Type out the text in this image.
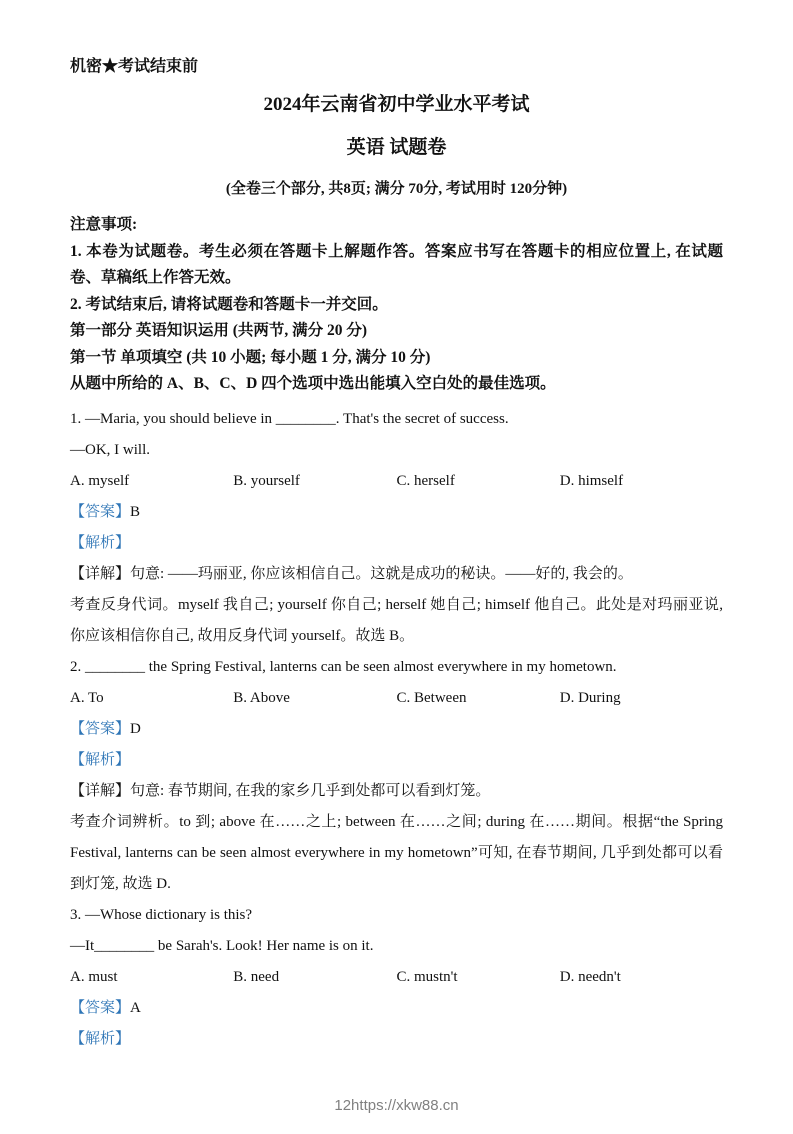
机密★考试结束前
2024年云南省初中学业水平考试
英语 试题卷
(全卷三个部分, 共8页; 满分 70分, 考试用时 120分钟)
注意事项:
1. 本卷为试题卷。考生必须在答题卡上解题作答。答案应书写在答题卡的相应位置上, 在试题卷、草稿纸上作答无效。
2. 考试结束后, 请将试题卷和答题卡一并交回。
第一部分 英语知识运用 (共两节, 满分 20 分)
第一节 单项填空 (共 10 小题; 每小题 1 分, 满分 10 分)
从题中所给的 A、B、C、D 四个选项中选出能填入空白处的最佳选项。

1. —Maria, you should believe in ________. That's the secret of success.

—OK, I will.

A. myself	B. yourself	C. herself	D. himself

【答案】B

【解析】

【详解】句意: ——玛丽亚, 你应该相信自己。这就是成功的秘诀。——好的, 我会的。

考查反身代词。myself 我自己; yourself 你自己; herself 她自己; himself 他自己。此处是对玛丽亚说, 你应该相信你自己, 故用反身代词 yourself。故选 B。

2. ________ the Spring Festival, lanterns can be seen almost everywhere in my hometown.

A. To	B. Above	C. Between	D. During

【答案】D

【解析】

【详解】句意: 春节期间, 在我的家乡几乎到处都可以看到灯笼。

考查介词辨析。to 到; above 在……之上; between 在……之间; during 在……期间。根据“the Spring Festival, lanterns can be seen almost everywhere in my hometown”可知, 在春节期间, 几乎到处都可以看到灯笼, 故选 D.

3. —Whose dictionary is this?

—It________ be Sarah's. Look! Her name is on it.

A. must	B. need	C. mustn't	D. needn't

【答案】A

【解析】

12https://xkw88.cn
